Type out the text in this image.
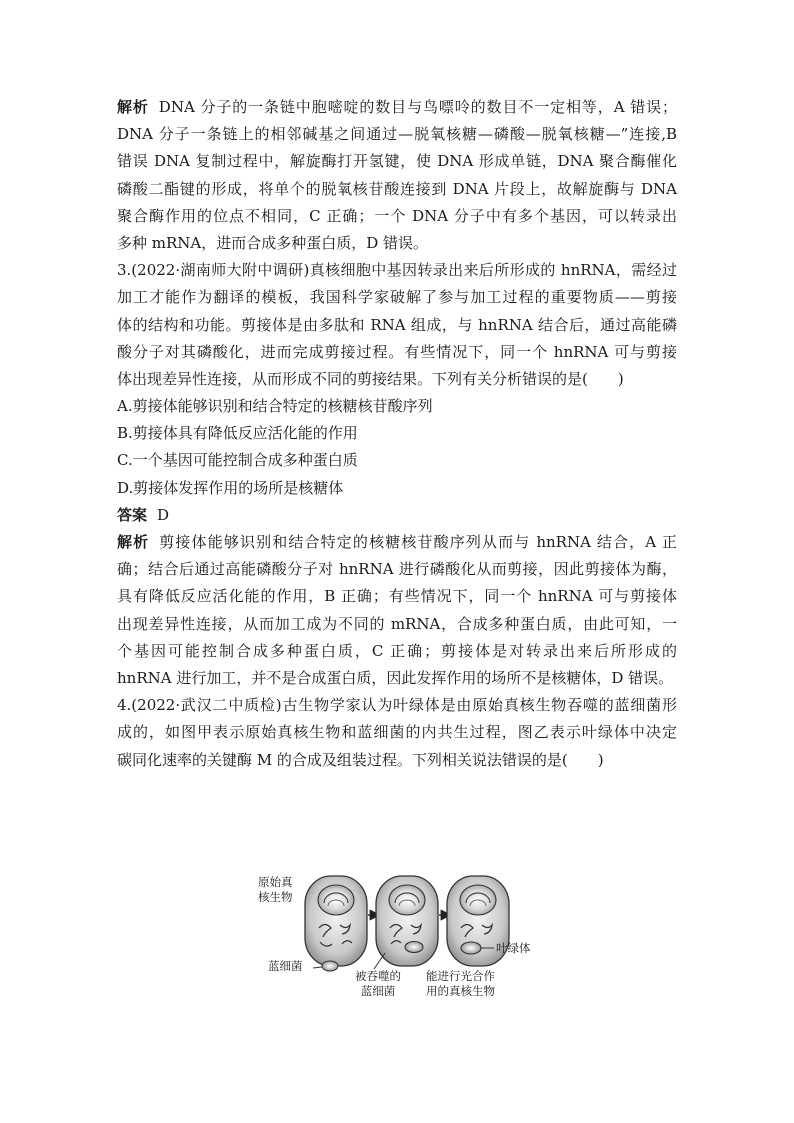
解析 DNA 分子的一条链中胞嘧啶的数目与鸟嘌呤的数目不一定相等，A 错误；
DNA 分子一条链上的相邻碱基之间通过—脱氧核糖—磷酸—脱氧核糖—”连接,B
错误 DNA 复制过程中，解旋酶打开氢键，使 DNA 形成单链，DNA 聚合酶催化
磷酸二酯键的形成，将单个的脱氧核苷酸连接到 DNA 片段上，故解旋酶与 DNA
聚合酶作用的位点不相同，C 正确；一个 DNA 分子中有多个基因，可以转录出
多种 mRNA，进而合成多种蛋白质，D 错误。
3.(2022·湖南师大附中调研)真核细胞中基因转录出来后所形成的 hnRNA，需经过
加工才能作为翻译的模板，我国科学家破解了参与加工过程的重要物质——剪接
体的结构和功能。剪接体是由多肽和 RNA 组成，与 hnRNA 结合后，通过高能磷
酸分子对其磷酸化，进而完成剪接过程。有些情况下，同一个 hnRNA 可与剪接
体出现差异性连接，从而形成不同的剪接结果。下列有关分析错误的是(　　)
A.剪接体能够识别和结合特定的核糖核苷酸序列
B.剪接体具有降低反应活化能的作用
C.一个基因可能控制合成多种蛋白质
D.剪接体发挥作用的场所是核糖体
答案 D
解析 剪接体能够识别和结合特定的核糖核苷酸序列从而与 hnRNA 结合，A 正
确；结合后通过高能磷酸分子对 hnRNA 进行磷酸化从而剪接，因此剪接体为酶，
具有降低反应活化能的作用，B 正确；有些情况下，同一个 hnRNA 可与剪接体
出现差异性连接，从而加工成为不同的 mRNA，合成多种蛋白质，由此可知，一
个基因可能控制合成多种蛋白质，C 正确；剪接体是对转录出来后所形成的
hnRNA 进行加工，并不是合成蛋白质，因此发挥作用的场所不是核糖体，D 错误。
4.(2022·武汉二中质检)古生物学家认为叶绿体是由原始真核生物吞噬的蓝细菌形
成的，如图甲表示原始真核生物和蓝细菌的内共生过程，图乙表示叶绿体中决定
碳同化速率的关键酶 M 的合成及组装过程。下列相关说法错误的是(　　)
原始真
核生物
蓝细菌
被吞噬的
蓝细菌
叶绿体
能进行光合作
用的真核生物
